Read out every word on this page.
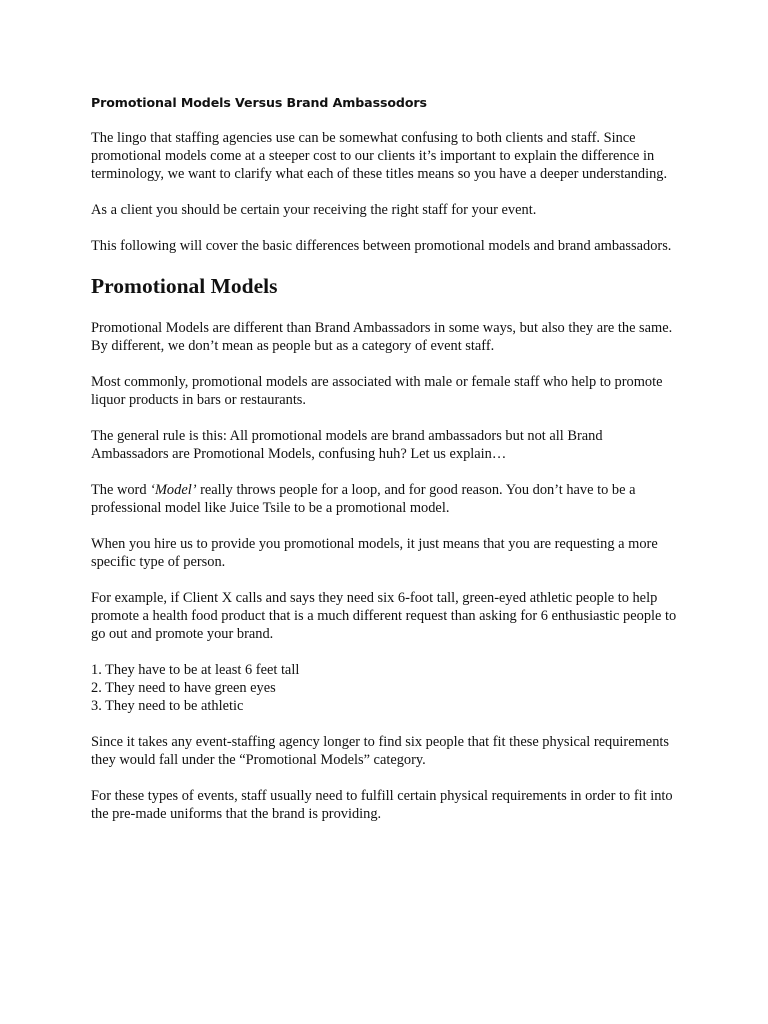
Promotional Models Versus Brand Ambassodors

The lingo that staffing agencies use can be somewhat confusing to both clients and staff. Since promotional models come at a steeper cost to our clients it’s important to explain the difference in terminology, we want to clarify what each of these titles means so you have a deeper understanding.

As a client you should be certain your receiving the right staff for your event.

This following will cover the basic differences between promotional models and brand ambassadors.

Promotional Models

Promotional Models are different than Brand Ambassadors in some ways, but also they are the same. By different, we don’t mean as people but as a category of event staff.

Most commonly, promotional models are associated with male or female staff who help to promote liquor products in bars or restaurants.

The general rule is this: All promotional models are brand ambassadors but not all Brand Ambassadors are Promotional Models, confusing huh? Let us explain…

The word ‘Model’ really throws people for a loop, and for good reason. You don’t have to be a professional model like Juice Tsile to be a promotional model.

When you hire us to provide you promotional models, it just means that you are requesting a more specific type of person.

For example, if Client X calls and says they need six 6-foot tall, green-eyed athletic people to help promote a health food product that is a much different request than asking for 6 enthusiastic people to go out and promote your brand.

1. They have to be at least 6 feet tall
2. They need to have green eyes
3. They need to be athletic

Since it takes any event-staffing agency longer to find six people that fit these physical requirements they would fall under the “Promotional Models” category.

For these types of events, staff usually need to fulfill certain physical requirements in order to fit into the pre-made uniforms that the brand is providing.
